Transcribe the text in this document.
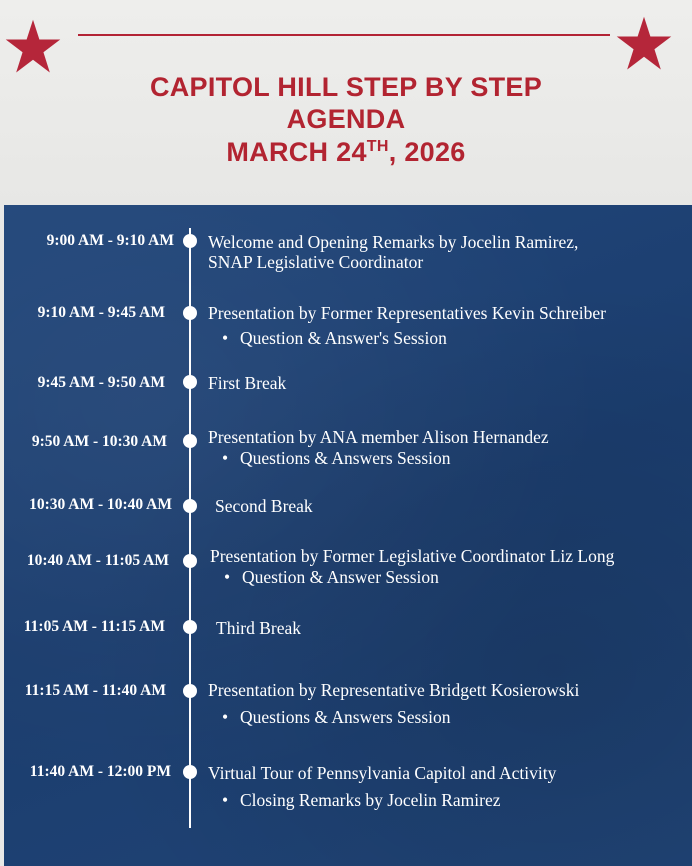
CAPITOL HILL STEP BY STEP
AGENDA
MARCH 24TH, 2026
9:00 AM - 9:10 AM Welcome and Opening Remarks by Jocelin Ramirez,
SNAP Legislative Coordinator
9:10 AM - 9:45 AM Presentation by Former Representatives Kevin Schreiber
• Question & Answer's Session
9:45 AM - 9:50 AM First Break
9:50 AM - 10:30 AM Presentation by ANA member Alison Hernandez
• Questions & Answers Session
10:30 AM - 10:40 AM Second Break
10:40 AM - 11:05 AM Presentation by Former Legislative Coordinator Liz Long
• Question & Answer Session
11:05 AM - 11:15 AM	Third Break
11:15 AM - 11:40 AM Presentation by Representative Bridgett Kosierowski
• Questions & Answers Session
11:40 AM - 12:00 PM Virtual Tour of Pennsylvania Capitol and Activity
• Closing Remarks by Jocelin Ramirez
